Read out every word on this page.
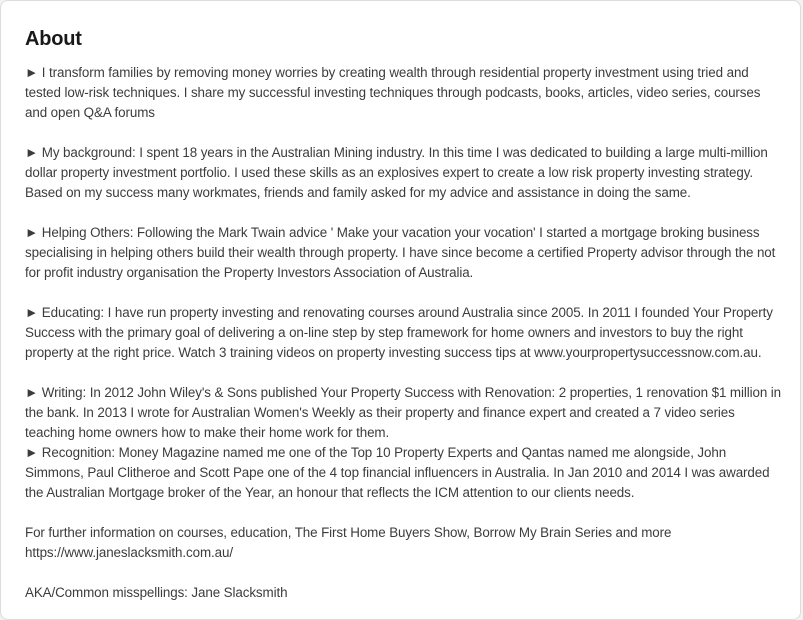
About

► I transform families by removing money worries by creating wealth through residential property investment using tried and tested low-risk techniques. I share my successful investing techniques through podcasts, books, articles, video series, courses and open Q&A forums

► My background: I spent 18 years in the Australian Mining industry. In this time I was dedicated to building a large multi-million dollar property investment portfolio. I used these skills as an explosives expert to create a low risk property investing strategy. Based on my success many workmates, friends and family asked for my advice and assistance in doing the same.

► Helping Others: Following the Mark Twain advice ' Make your vacation your vocation' I started a mortgage broking business specialising in helping others build their wealth through property. I have since become a certified Property advisor through the not for profit industry organisation the Property Investors Association of Australia.

► Educating: I have run property investing and renovating courses around Australia since 2005. In 2011 I founded Your Property Success with the primary goal of delivering a on-line step by step framework for home owners and investors to buy the right property at the right price. Watch 3 training videos on property investing success tips at www.yourpropertysuccessnow.com.au.

► Writing: In 2012 John Wiley's & Sons published Your Property Success with Renovation: 2 properties, 1 renovation $1 million in the bank. In 2013 I wrote for Australian Women's Weekly as their property and finance expert and created a 7 video series teaching home owners how to make their home work for them.

► Recognition: Money Magazine named me one of the Top 10 Property Experts and Qantas named me alongside, John Simmons, Paul Clitheroe and Scott Pape one of the 4 top financial influencers in Australia. In Jan 2010 and 2014 I was awarded the Australian Mortgage broker of the Year, an honour that reflects the ICM attention to our clients needs.

For further information on courses, education, The First Home Buyers Show, Borrow My Brain Series and more https://www.janeslacksmith.com.au/

AKA/Common misspellings: Jane Slacksmith
